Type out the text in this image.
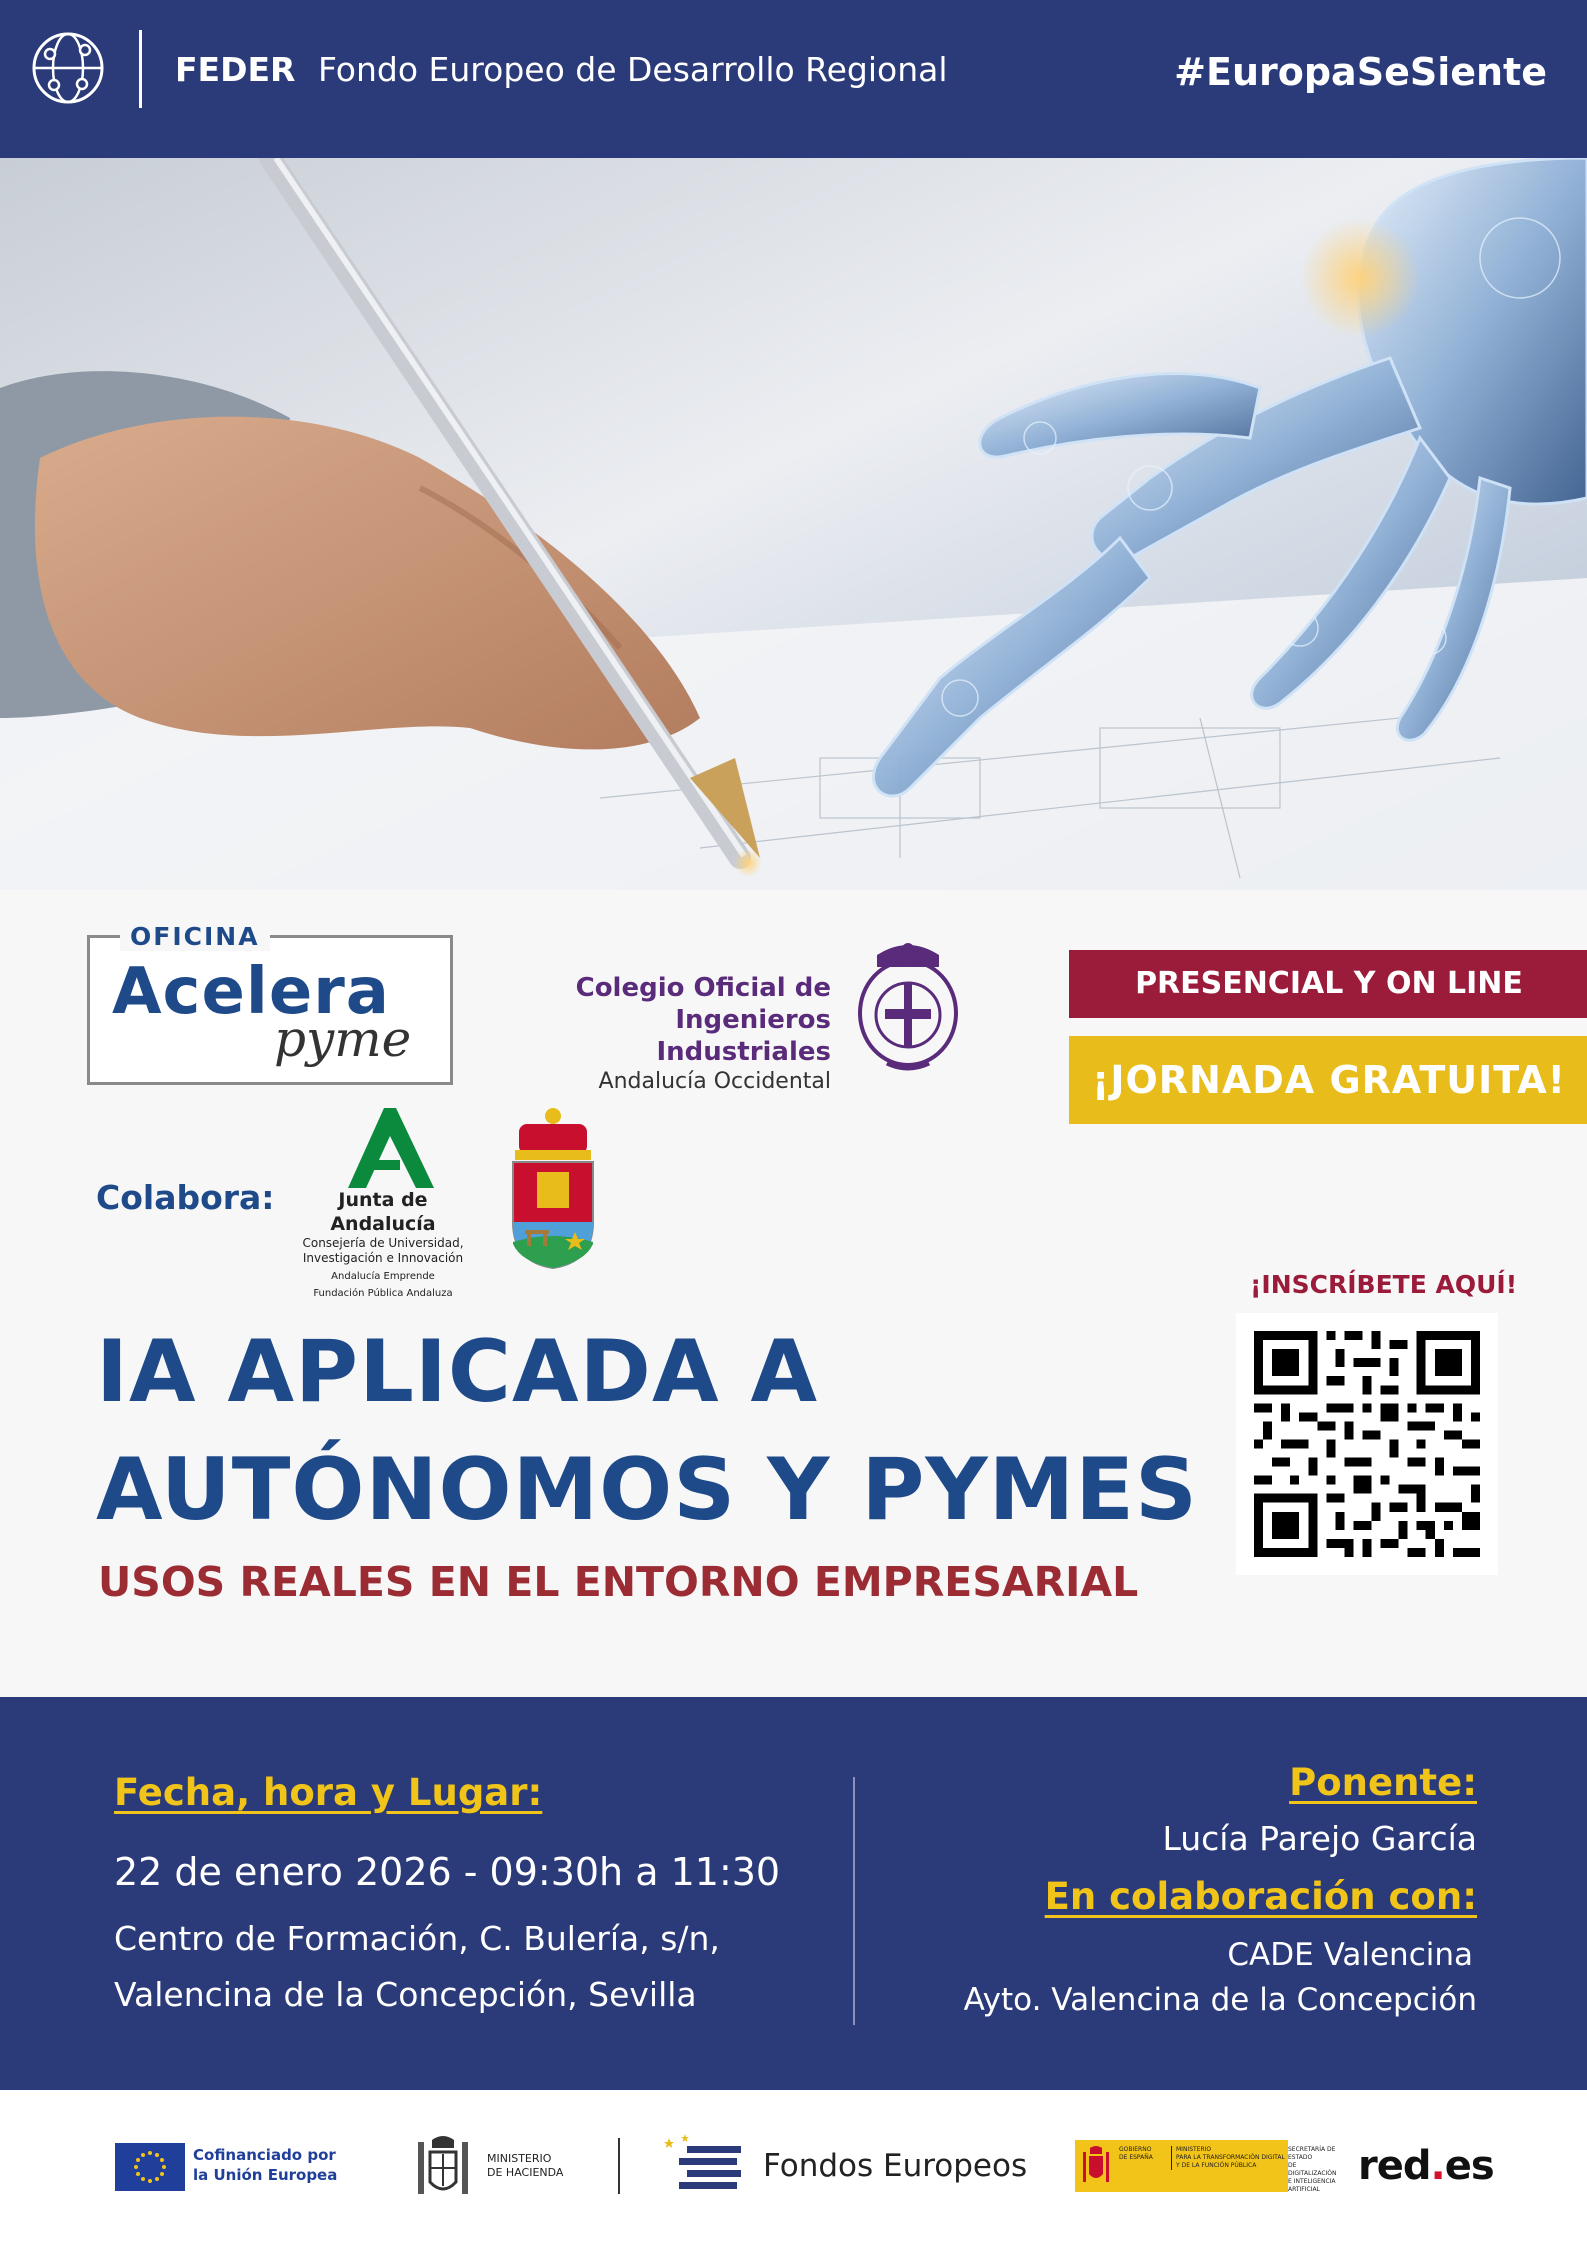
FEDER Fondo Europeo de Desarrollo Regional	#EuropaSeSiente
OFICINA
Acelera
pyme
Colegio Oficial de
Ingenieros Industriales
Andalucía Occidental
PRESENCIAL Y ON LINE
¡JORNADA GRATUITA!
Colabora:	Junta de Andalucía
Consejería de Universidad,
Investigación e Innovación
Andalucía Emprende
Fundación Pública Andaluza	¡INSCRÍBETE AQUÍ!
IA APLICADA A
AUTÓNOMOS Y PYMES
USOS REALES EN EL ENTORNO EMPRESARIAL
Fecha, hora y Lugar:
22 de enero 2026 - 09:30h a 11:30
Centro de Formación, C. Bulería, s/n,
Valencina de la Concepción, Sevilla
Ponente:
Lucía Parejo García
En colaboración con:
CADE Valencina
Ayto. Valencina de la Concepción
Cofinanciado por
la Unión Europea
MINISTERIO
DE HACIENDA	Fondos Europeos	GOBIERNO
DE ESPAÑA
MINISTERIO
PARA LA TRANSFORMACIÓN DIGITAL
Y DE LA FUNCIÓN PÚBLICA
SECRETARÍA DE ESTADO
DE DIGITALIZACIÓN
E INTELIGENCIA ARTIFICIAL
red.es
